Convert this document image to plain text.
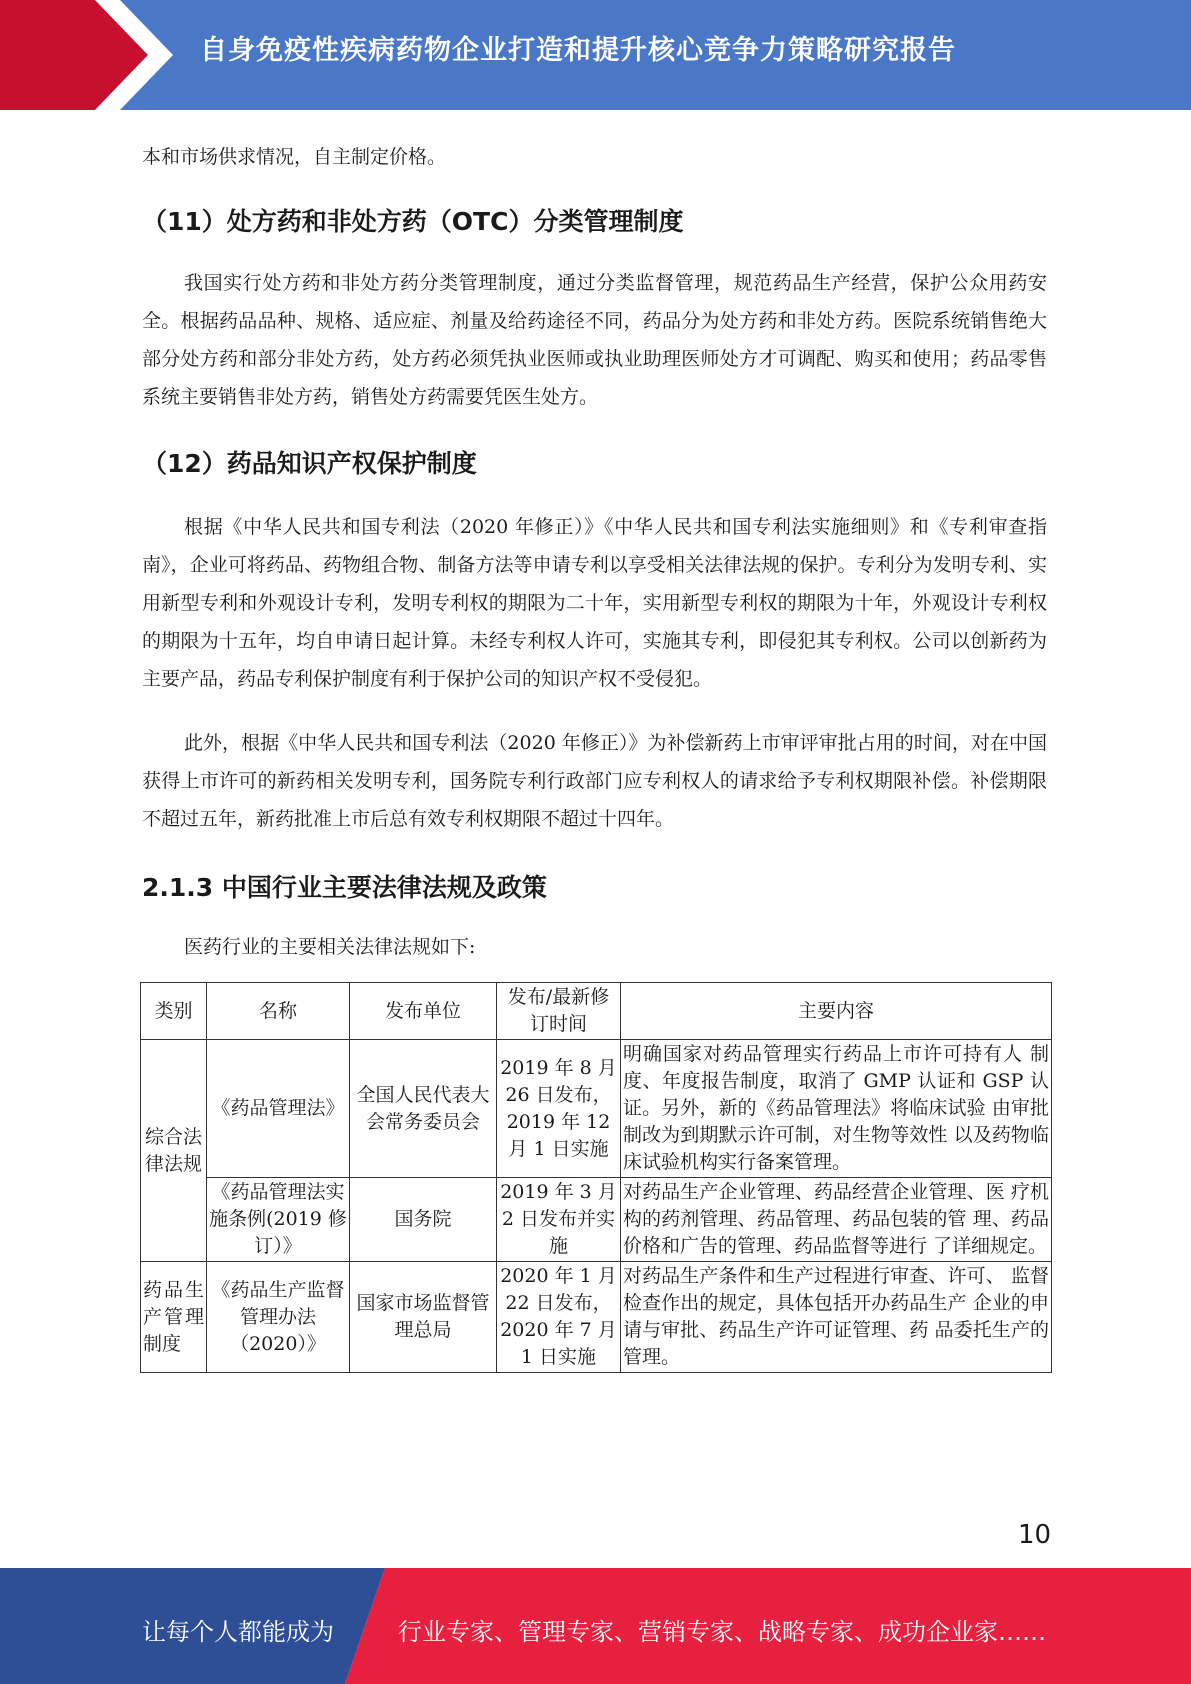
自身免疫性疾病药物企业打造和提升核心竞争力策略研究报告

本和市场供求情况，自主制定价格。

（11）处方药和非处方药（OTC）分类管理制度

我国实行处方药和非处方药分类管理制度，通过分类监督管理，规范药品生产经营，保护公众用药安全。根据药品品种、规格、适应症、剂量及给药途径不同，药品分为处方药和非处方药。医院系统销售绝大部分处方药和部分非处方药，处方药必须凭执业医师或执业助理医师处方才可调配、购买和使用；药品零售系统主要销售非处方药，销售处方药需要凭医生处方。

（12）药品知识产权保护制度

根据《中华人民共和国专利法（2020 年修正）》《中华人民共和国专利法实施细则》和《专利审查指南》，企业可将药品、药物组合物、制备方法等申请专利以享受相关法律法规的保护。专利分为发明专利、实用新型专利和外观设计专利，发明专利权的期限为二十年，实用新型专利权的期限为十年，外观设计专利权的期限为十五年，均自申请日起计算。未经专利权人许可，实施其专利，即侵犯其专利权。公司以创新药为主要产品，药品专利保护制度有利于保护公司的知识产权不受侵犯。

此外，根据《中华人民共和国专利法（2020 年修正）》为补偿新药上市审评审批占用的时间，对在中国获得上市许可的新药相关发明专利，国务院专利行政部门应专利权人的请求给予专利权期限补偿。补偿期限不超过五年，新药批准上市后总有效专利权期限不超过十四年。

2.1.3 中国行业主要法律法规及政策

医药行业的主要相关法律法规如下:

类别	名称	发布单位	发布/最新修订时间	主要内容
综合法律法规	《药品管理法》	全国人民代表大会常务委员会	2019 年 8 月 26 日发布，2019 年 12 月 1 日实施	明确国家对药品管理实行药品上市许可持有人 制度、年度报告制度，取消了 GMP 认证和 GSP 认证。另外，新的《药品管理法》将临床试验 由审批制改为到期默示许可制，对生物等效性 以及药物临床试验机构实行备案管理。
	《药品管理法实施条例(2019 修订）》	国务院	2019 年 3 月 2 日发布并实施	对药品生产企业管理、药品经营企业管理、医 疗机构的药剂管理、药品管理、药品包装的管 理、药品价格和广告的管理、药品监督等进行 了详细规定。
药品生产管理制度	《药品生产监督管理办法（2020）》	国家市场监督管理总局	2020 年 1 月 22 日发布，2020 年 7 月 1 日实施	对药品生产条件和生产过程进行审查、许可、 监督检查作出的规定，具体包括开办药品生产 企业的申请与审批、药品生产许可证管理、药 品委托生产的管理。
10
让每个人都能成为	行业专家、管理专家、营销专家、战略专家、成功企业家……
